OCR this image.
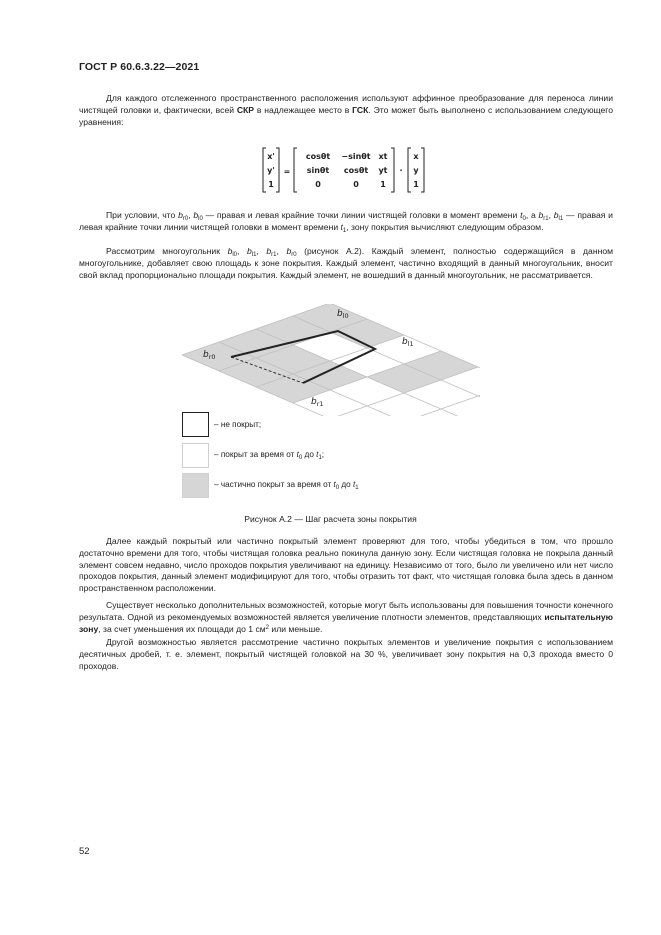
ГОСТ Р 60.6.3.22—2021

Для каждого отслеженного пространственного расположения используют аффинное преобразование для переноса линии чистящей головки и, фактически, всей СКР в надлежащее место в ГСК. Это может быть выполнено с использованием следующего уравнения:

x'
y'
1
=
cosθt −sinθt xt
sinθt cosθt yt
0	0	1
·
x
y
1

При условии, что $b_{r0}$, $b_{l0}$ — правая и левая крайние точки линии чистящей головки в момент времени $t_0$, а $b_{r1}$, $b_{l1}$ — правая и левая крайние точки линии чистящей головки в момент времени $t_1$, зону покрытия вычисляют следующим образом.

Рассмотрим многоугольник $b_{l0}$, $b_{l1}$, $b_{r1}$, $b_{r0}$ (рисунок А.2). Каждый элемент, полностью содержащийся в данном многоугольнике, добавляет свою площадь к зоне покрытия. Каждый элемент, частично входящий в данный многоугольник, вносит свой вклад пропорционально площади покрытия. Каждый элемент, не вошедший в данный многоугольник, не рассматривается.

$b_{l0}$
$b_{l1}$
$b_{r0}$
$b_{r1}$
– не покрыт;
– покрыт за время от $t_0$ до $t_1$;
– частично покрыт за время от $t_0$ до $t_1$
Рисунок А.2 — Шаг расчета зоны покрытия

Далее каждый покрытый или частично покрытый элемент проверяют для того, чтобы убедиться в том, что прошло достаточно времени для того, чтобы чистящая головка реально покинула данную зону. Если чистящая головка не покрыла данный элемент совсем недавно, число проходов покрытия увеличивают на единицу. Независимо от того, было ли увеличено или нет число проходов покрытия, данный элемент модифицируют для того, чтобы отразить тот факт, что чистящая головка была здесь в данном пространственном расположении.

Существует несколько дополнительных возможностей, которые могут быть использованы для повышения точности конечного результата. Одной из рекомендуемых возможностей является увеличение плотности элементов, представляющих испытательную зону, за счет уменьшения их площади до 1 $см^2$ или меньше.

Другой возможностью является рассмотрение частично покрытых элементов и увеличение покрытия с использованием десятичных дробей, т. е. элемент, покрытый чистящей головкой на 30 %, увеличивает зону покрытия на 0,3 прохода вместо 0 проходов.

52
